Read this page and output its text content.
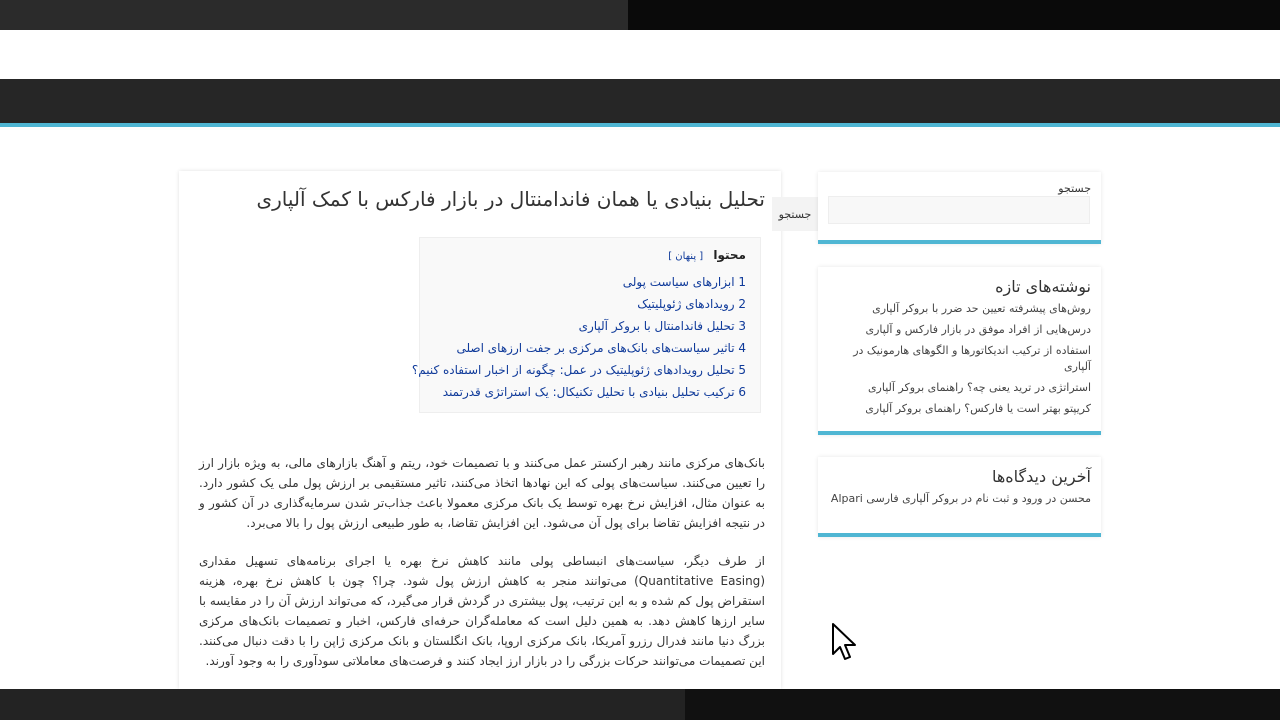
تحلیل بنیادی یا همان فاندامنتال در بازار فارکس با کمک آلپاری
محتوا [ پنهان ]
1 ابزارهای سیاست پولی
2 رویدادهای ژئوپلیتیک
3 تحلیل فاندامنتال با بروکر آلپاری
4 تاثیر سیاست‌های بانک‌های مرکزی بر جفت ارزهای اصلی
5 تحلیل رویدادهای ژئوپلیتیک در عمل: چگونه از اخبار استفاده کنیم؟
6 ترکیب تحلیل بنیادی با تحلیل تکنیکال: یک استراتژی قدرتمند

بانک‌های مرکزی مانند رهبر ارکستر عمل می‌کنند و با تصمیمات خود، ریتم و آهنگ بازارهای مالی، به ویژه بازار ارز را تعیین می‌کنند. سیاست‌های پولی که این نهادها اتخاذ می‌کنند، تاثیر مستقیمی بر ارزش پول ملی یک کشور دارد. به عنوان مثال، افزایش نرخ بهره توسط یک بانک مرکزی معمولا باعث جذاب‌تر شدن سرمایه‌گذاری در آن کشور و در نتیجه افزایش تقاضا برای پول آن می‌شود. این افزایش تقاضا، به طور طبیعی ارزش پول را بالا می‌برد.

از طرف دیگر، سیاست‌های انبساطی پولی مانند کاهش نرخ بهره یا اجرای برنامه‌های تسهیل مقداری (Quantitative Easing) می‌توانند منجر به کاهش ارزش پول شود. چرا؟ چون با کاهش نرخ بهره، هزینه استقراض پول کم شده و به این ترتیب، پول بیشتری در گردش قرار می‌گیرد، که می‌تواند ارزش آن را در مقایسه با سایر ارزها کاهش دهد. به همین دلیل است که معامله‌گران حرفه‌ای فارکس، اخبار و تصمیمات بانک‌های مرکزی بزرگ دنیا مانند فدرال رزرو آمریکا، بانک مرکزی اروپا، بانک انگلستان و بانک مرکزی ژاپن را با دقت دنبال می‌کنند. این تصمیمات می‌توانند حرکات بزرگی را در بازار ارز ایجاد کنند و فرصت‌های معاملاتی سودآوری را به وجود آورند.

جستجو
جستجو
نوشته‌های تازه
روش‌های پیشرفته تعیین حد ضرر با بروکر آلپاری
درس‌هایی از افراد موفق در بازار فارکس و آلپاری
استفاده از ترکیب اندیکاتورها و الگوهای هارمونیک در آلپاری
استراتژی در ترید یعنی چه؟ راهنمای بروکر آلپاری
کریپتو بهتر است یا فارکس؟ راهنمای بروکر آلپاری
آخرین دیدگاه‌ها
محسن در ورود و ثبت نام در بروکر آلپاری فارسی Alpari
